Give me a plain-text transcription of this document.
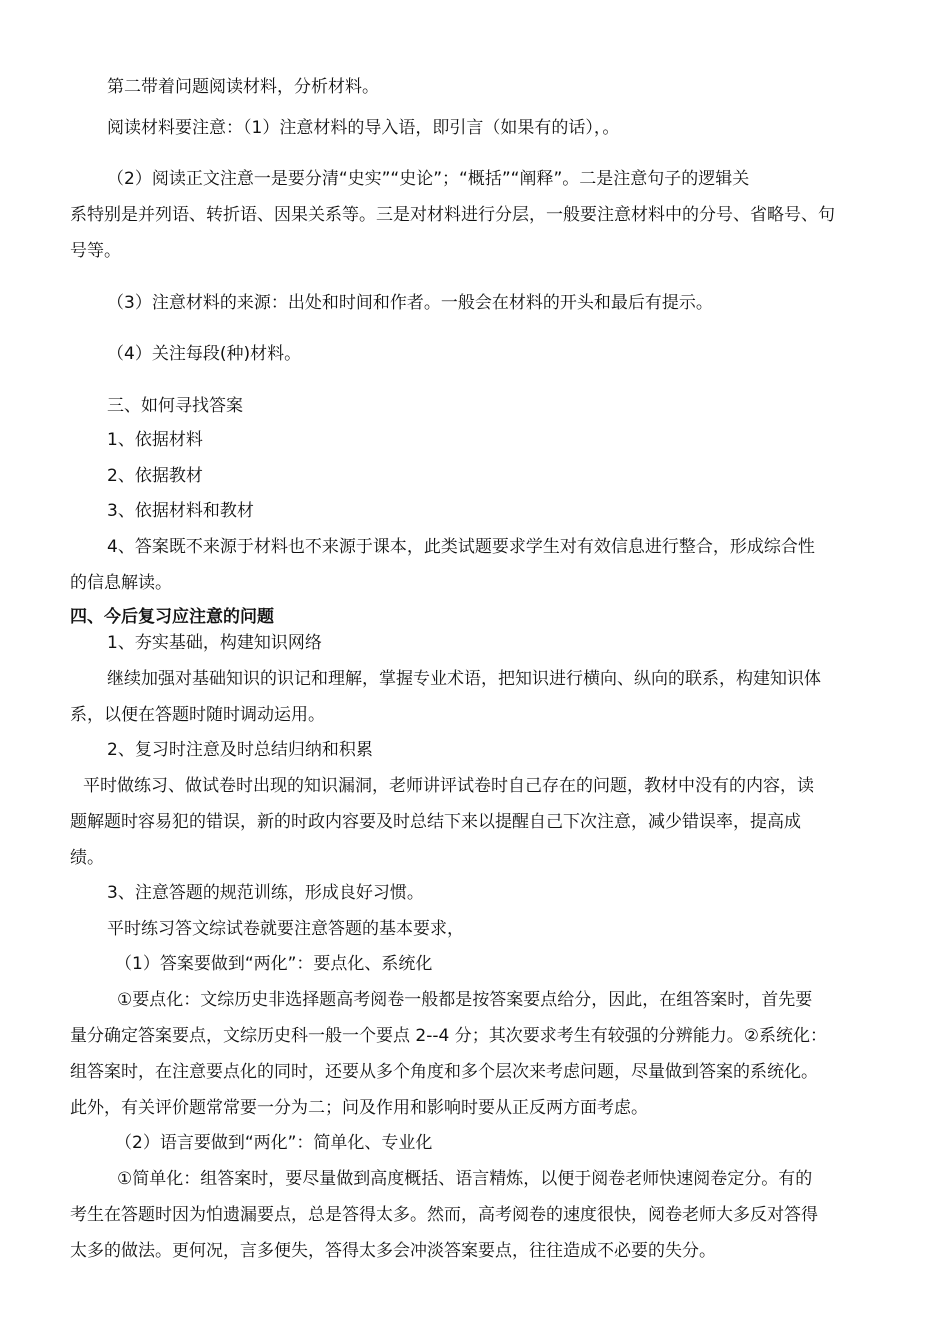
第二带着问题阅读材料，分析材料。
阅读材料要注意：（1）注意材料的导入语，即引言（如果有的话），。
（2）阅读正文注意一是要分清“史实”“史论”；“概括”“阐释”。二是注意句子的逻辑关
系特别是并列语、转折语、因果关系等。三是对材料进行分层，一般要注意材料中的分号、省略号、句
号等。
（3）注意材料的来源：出处和时间和作者。一般会在材料的开头和最后有提示。
（4）关注每段(种)材料。
三、如何寻找答案
1、依据材料
2、依据教材
3、依据材料和教材
4、答案既不来源于材料也不来源于课本，此类试题要求学生对有效信息进行整合，形成综合性
的信息解读。
四、今后复习应注意的问题
1、夯实基础，构建知识网络
继续加强对基础知识的识记和理解，掌握专业术语，把知识进行横向、纵向的联系，构建知识体
系，以便在答题时随时调动运用。
2、复习时注意及时总结归纳和积累
平时做练习、做试卷时出现的知识漏洞，老师讲评试卷时自己存在的问题，教材中没有的内容，读
题解题时容易犯的错误，新的时政内容要及时总结下来以提醒自己下次注意，减少错误率，提高成
绩。
3、注意答题的规范训练，形成良好习惯。
平时练习答文综试卷就要注意答题的基本要求，
（1）答案要做到“两化”：要点化、系统化
①要点化：文综历史非选择题高考阅卷一般都是按答案要点给分，因此，在组答案时，首先要
量分确定答案要点，文综历史科一般一个要点 2--4 分；其次要求考生有较强的分辨能力。②系统化：
组答案时，在注意要点化的同时，还要从多个角度和多个层次来考虑问题，尽量做到答案的系统化。
此外，有关评价题常常要一分为二；问及作用和影响时要从正反两方面考虑。
（2）语言要做到“两化”：简单化、专业化
①简单化：组答案时，要尽量做到高度概括、语言精炼，以便于阅卷老师快速阅卷定分。有的
考生在答题时因为怕遗漏要点，总是答得太多。然而，高考阅卷的速度很快，阅卷老师大多反对答得
太多的做法。更何况，言多便失，答得太多会冲淡答案要点，往往造成不必要的失分。
